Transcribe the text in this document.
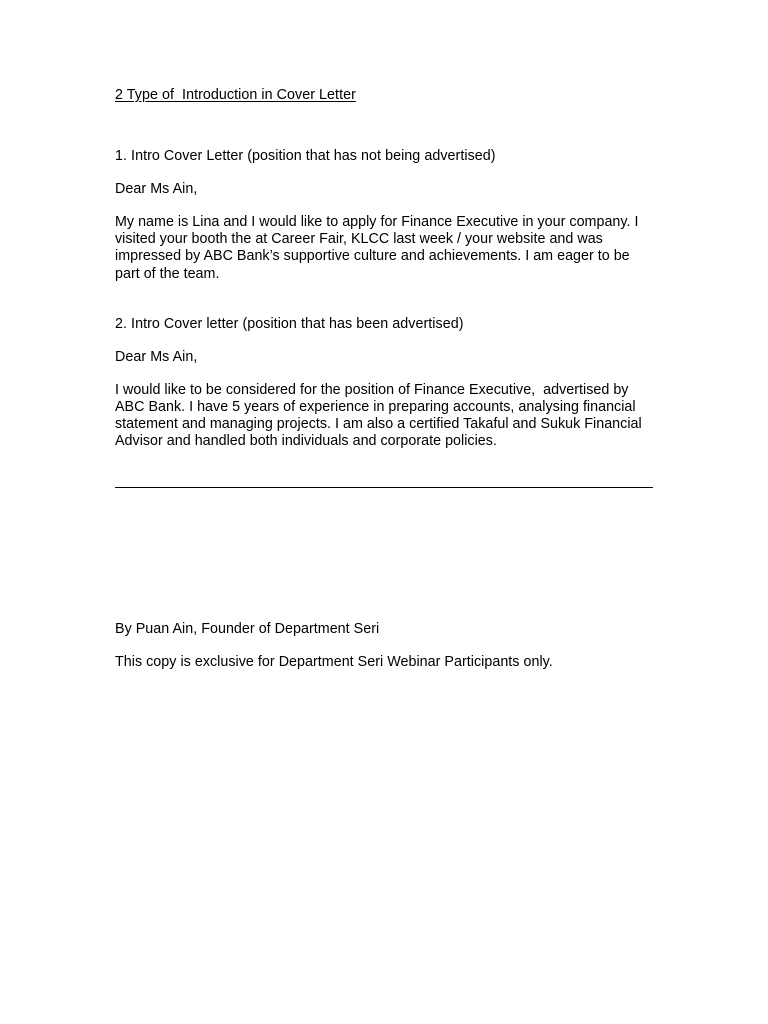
2 Type of  Introduction in Cover Letter

1. Intro Cover Letter (position that has not being advertised)

Dear Ms Ain,

My name is Lina and I would like to apply for Finance Executive in your company. I visited your booth the at Career Fair, KLCC last week / your website and was impressed by ABC Bank’s supportive culture and achievements. I am eager to be part of the team.

2. Intro Cover letter (position that has been advertised)

Dear Ms Ain,

I would like to be considered for the position of Finance Executive,  advertised by ABC Bank. I have 5 years of experience in preparing accounts, analysing financial statement and managing projects. I am also a certified Takaful and Sukuk Financial Advisor and handled both individuals and corporate policies.

By Puan Ain, Founder of Department Seri

This copy is exclusive for Department Seri Webinar Participants only.
